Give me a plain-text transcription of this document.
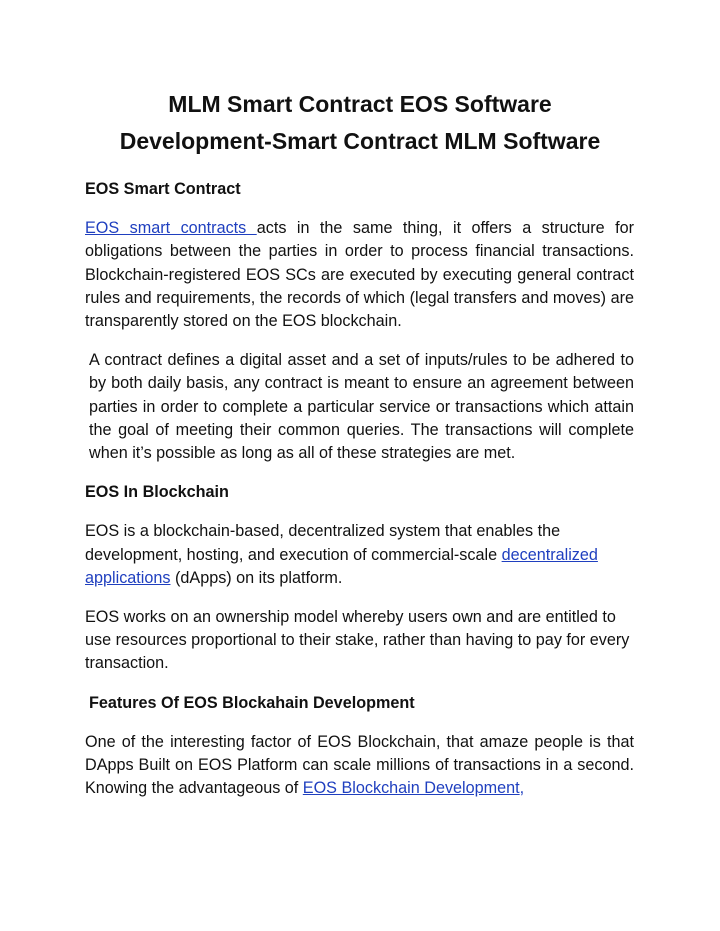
MLM Smart Contract EOS Software
Development-Smart Contract MLM Software
EOS Smart Contract

EOS smart contracts acts in the same thing, it offers a structure for obligations between the parties in order to process financial transactions. Blockchain-registered EOS SCs are executed by executing general contract rules and requirements, the records of which (legal transfers and moves) are transparently stored on the EOS blockchain.

A contract defines a digital asset and a set of inputs/rules to be adhered to by both daily basis, any contract is meant to ensure an agreement between parties in order to complete a particular service or transactions which attain the goal of meeting their common queries. The transactions will complete when it’s possible as long as all of these strategies are met.

EOS In Blockchain

EOS is a blockchain-based, decentralized system that enables the development, hosting, and execution of commercial-scale decentralized applications (dApps) on its platform.

EOS works on an ownership model whereby users own and are entitled to use resources proportional to their stake, rather than having to pay for every transaction.

Features Of EOS Blockahain Development

One of the interesting factor of EOS Blockchain, that amaze people is that DApps Built on EOS Platform can scale millions of transactions in a second. Knowing the advantageous of EOS Blockchain Development,
